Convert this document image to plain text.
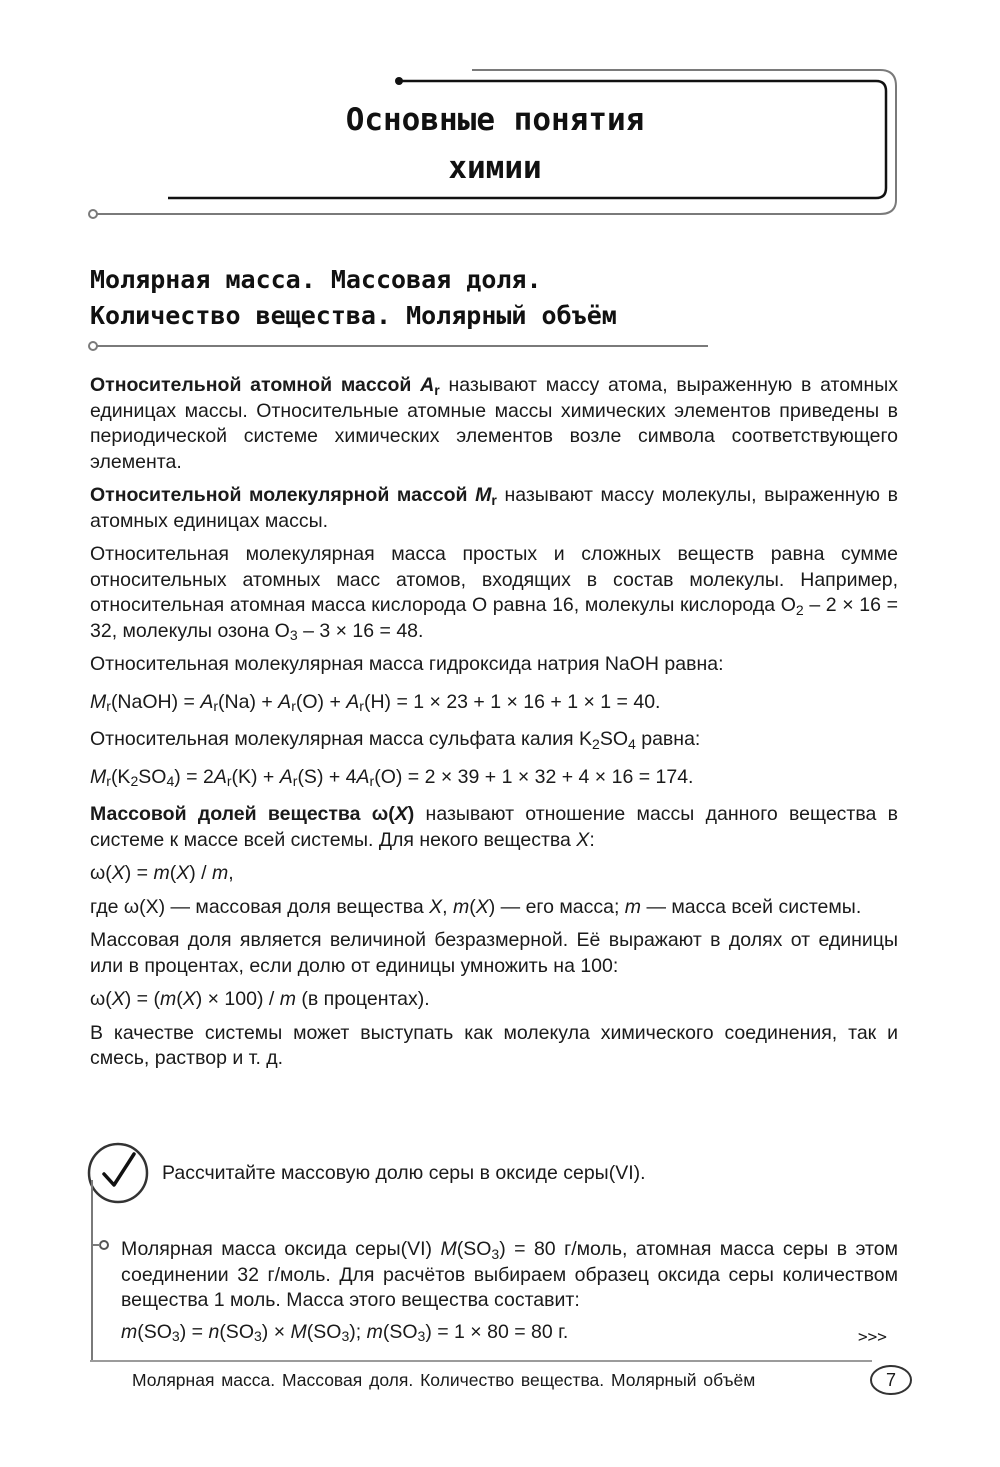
Основные понятия
химии
Молярная масса. Массовая доля.
Количество вещества. Молярный объём

Относительной атомной массой $A_r$ называют массу атома, выраженную в атомных единицах массы. Относительные атомные массы химических элементов приведены в периодической системе химических элементов возле символа соответствующего элемента.

Относительной молекулярной массой $M_r$ называют массу молекулы, выраженную в атомных единицах массы.

Относительная молекулярная масса простых и сложных веществ равна сумме относительных атомных масс атомов, входящих в состав молекулы. Например, относительная атомная масса кислорода O равна 16, молекулы кислорода $O_2 - 2 \times 16 = 32$, молекулы озона $O_3 - 3 \times 16 = 48$.

Относительная молекулярная масса гидроксида натрия NaOH равна:

$M_r(NaOH) = A_r(Na) + A_r(O) + A_r(H) = 1 \times 23 + 1 \times 16 + 1 \times 1 = 40$.

Относительная молекулярная масса сульфата калия $K_2SO_4$ равна:

$M_r(K_2SO_4) = 2A_r(K) + A_r(S) + 4A_r(O) = 2 \times 39 + 1 \times 32 + 4 \times 16 = 174$.

Массовой долей вещества ω(X) называют отношение массы данного вещества в системе к массе всей системы. Для некого вещества X:

ω(X) = m(X) / m,

где ω(X) — массовая доля вещества X, m(X) — его масса; m — масса всей системы.

Массовая доля является величиной безразмерной. Её выражают в долях от единицы или в процентах, если долю от единицы умножить на 100:

ω(X) = (m(X) × 100) / m (в процентах).

В качестве системы может выступать как молекула химического соединения, так и смесь, раствор и т. д.

Рассчитайте массовую долю серы в оксиде серы(VI).

Молярная масса оксида серы(VI) $M(SO_3) = 80$ г/моль, атомная масса серы в этом соединении 32 г/моль. Для расчётов выбираем образец оксида серы количеством вещества 1 моль. Масса этого вещества составит:

$m(SO_3) = n(SO_3) \times M(SO_3)$; $m(SO_3) = 1 \times 80 = 80$ г.	>>>
Молярная масса. Массовая доля. Количество вещества. Молярный объём	7
